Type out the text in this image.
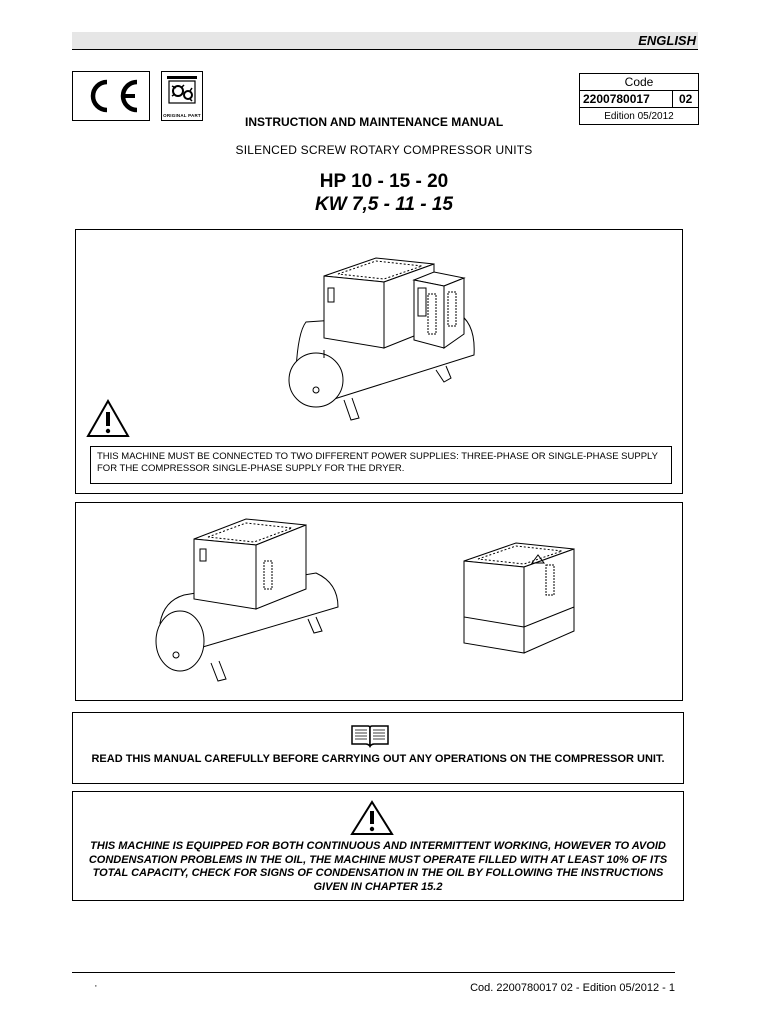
ENGLISH
ORIGINAL PART
Code
2200780017	02
Edition 05/2012
INSTRUCTION AND MAINTENANCE MANUAL
SILENCED SCREW ROTARY COMPRESSOR UNITS
HP 10 - 15 - 20
KW 7,5 - 11 - 15
THIS MACHINE MUST BE CONNECTED TO TWO DIFFERENT POWER SUPPLIES: THREE-PHASE OR SINGLE-PHASE SUPPLY FOR THE COMPRESSOR SINGLE-PHASE SUPPLY FOR THE DRYER.
READ THIS MANUAL CAREFULLY BEFORE CARRYING OUT ANY OPERATIONS ON THE COMPRESSOR UNIT.
THIS MACHINE IS EQUIPPED FOR BOTH CONTINUOUS AND INTERMITTENT WORKING, HOWEVER TO AVOID CONDENSATION PROBLEMS IN THE OIL, THE MACHINE MUST OPERATE FILLED WITH AT LEAST 10% OF ITS TOTAL CAPACITY, CHECK FOR SIGNS OF CONDENSATION IN THE OIL BY FOLLOWING THE INSTRUCTIONS GIVEN IN CHAPTER 15.2
·	Cod. 2200780017 02 - Edition 05/2012 - 1
